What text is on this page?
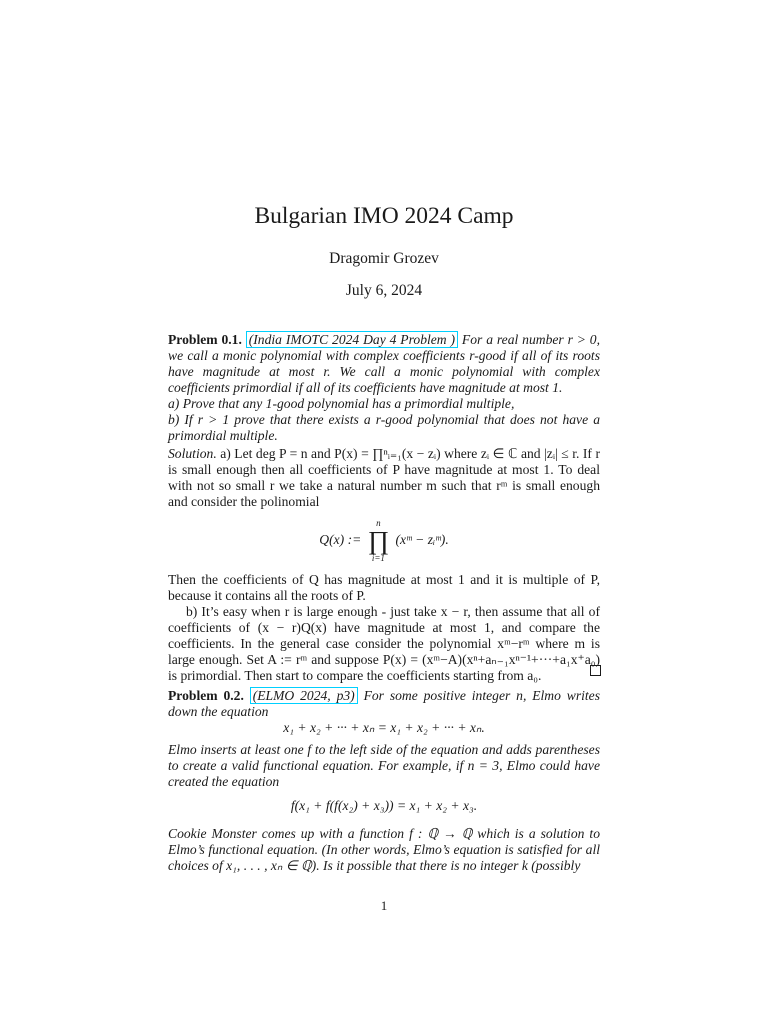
Bulgarian IMO 2024 Camp
Dragomir Grozev
July 6, 2024

Problem 0.1. (India IMOTC 2024 Day 4 Problem ) For a real number r > 0, we call a monic polynomial with complex coefficients r-good if all of its roots have magnitude at most r. We call a monic polynomial with complex coefficients primordial if all of its coefficients have magnitude at most 1.

a) Prove that any 1-good polynomial has a primordial multiple,

b) If r > 1 prove that there exists a r-good polynomial that does not have a primordial multiple.

Solution. a) Let deg P = n and P(x) = ∏ⁿᵢ₌₁(x − zᵢ) where zᵢ ∈ ℂ and |zᵢ| ≤ r. If r is small enough then all coefficients of P have magnitude at most 1. To deal with not so small r we take a natural number m such that rᵐ is small enough and consider the polinomial

Q(x) :=
n
∏
i=1
(xᵐ − zᵢᵐ).

Then the coefficients of Q has magnitude at most 1 and it is multiple of P, because it contains all the roots of P.

b) It’s easy when r is large enough - just take x − r, then assume that all of coefficients of (x − r)Q(x) have magnitude at most 1, and compare the coefficients. In the general case consider the polynomial xᵐ−rᵐ where m is large enough. Set A := rᵐ and suppose P(x) = (xᵐ−A)(xⁿ+aₙ₋₁xⁿ⁻¹+···+a₁x⁺a₀) is primordial. Then start to compare the coefficients starting from a₀.

Problem 0.2. (ELMO 2024, p3) For some positive integer n, Elmo writes down the equation

x₁ + x₂ + ··· + xₙ = x₁ + x₂ + ··· + xₙ.

Elmo inserts at least one f to the left side of the equation and adds parentheses to create a valid functional equation. For example, if n = 3, Elmo could have created the equation

f(x₁ + f(f(x₂) + x₃)) = x₁ + x₂ + x₃.

Cookie Monster comes up with a function f : ℚ → ℚ which is a solution to Elmo’s functional equation. (In other words, Elmo’s equation is satisfied for all choices of x₁, . . . , xₙ ∈ ℚ). Is it possible that there is no integer k (possibly

1
